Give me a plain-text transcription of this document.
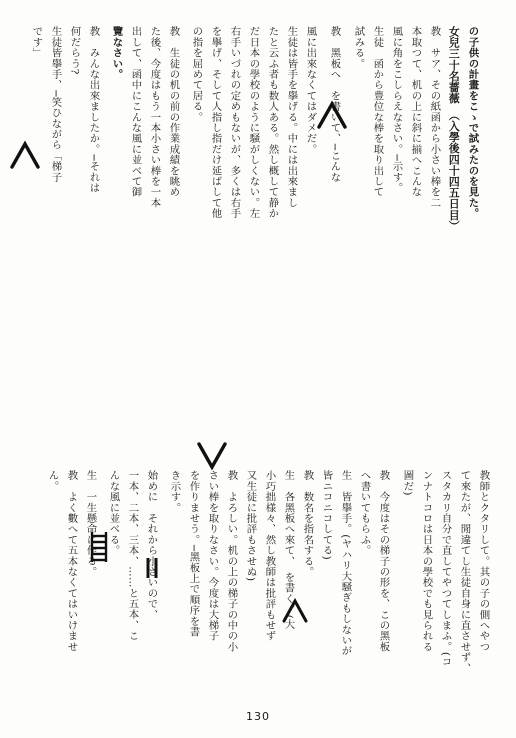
の子供の計畫をこゝで試みたのを見た。
女兒三十名薔薇　（入學後四十四五日目）
教　サア、その紙函から小さい棒を二
本取つて、机の上に斜に揃へこんな
風に角をこしらえなさい。─示す。
生徒　函から豊位な棒を取り出して
試みる。
教　黑板へ　を書いて、─こんな
風に出來なくてはダメだ。
生徒は皆手を擧げる。中には出來まし
たと云ふ者も数人ある。然し概して静か
だ日本の學校のように騒がしくない。左
右手いづれの定めもないが、多くは右手
を擧げ、そして人指し指だけ延ばして他
の指を屈めて居る。
教　生徒の机の前の作業成績を眺め
た後、今度はもう一本小さい棒を一本
出して、函中にこんな風に並べて御
覽なさい。
教　みんな出來ましたか。─それは
何だらう?
生徒皆擧手、─笑ひながら「梯子
です」
教師とクタリして。其の子の側へやつ
て來たが、閒違てし生徒自身に直させず、
スタカリ自分で直してやつてしまふ。(コ
ンナトコロは日本の學校でも見られる
圖だ)
教　今度はその梯子の形を、この黑板
へ書いてもらふ。
生　皆擧手。(ヤハリ大騒ぎもしないが
皆ニコニコしてる)
教　数名を指名する。
生　各黑板へ來て、　を書く。(大
小巧拙様々、然し教師は批評もせず
又生徒に批評もさせぬ)
教　よろしい。机の上の梯子の中の小
さい棒を取りなさい。今度は大梯子
を作りませう。─黑板上で順序を書
き示す。
始めに　それから小さいので、
一本、二本、三本、……と五本、こ
んな風に並べる。
生　一生懸命に作る。
教　よく數へて五本なくてはいけませ
ん。
130
